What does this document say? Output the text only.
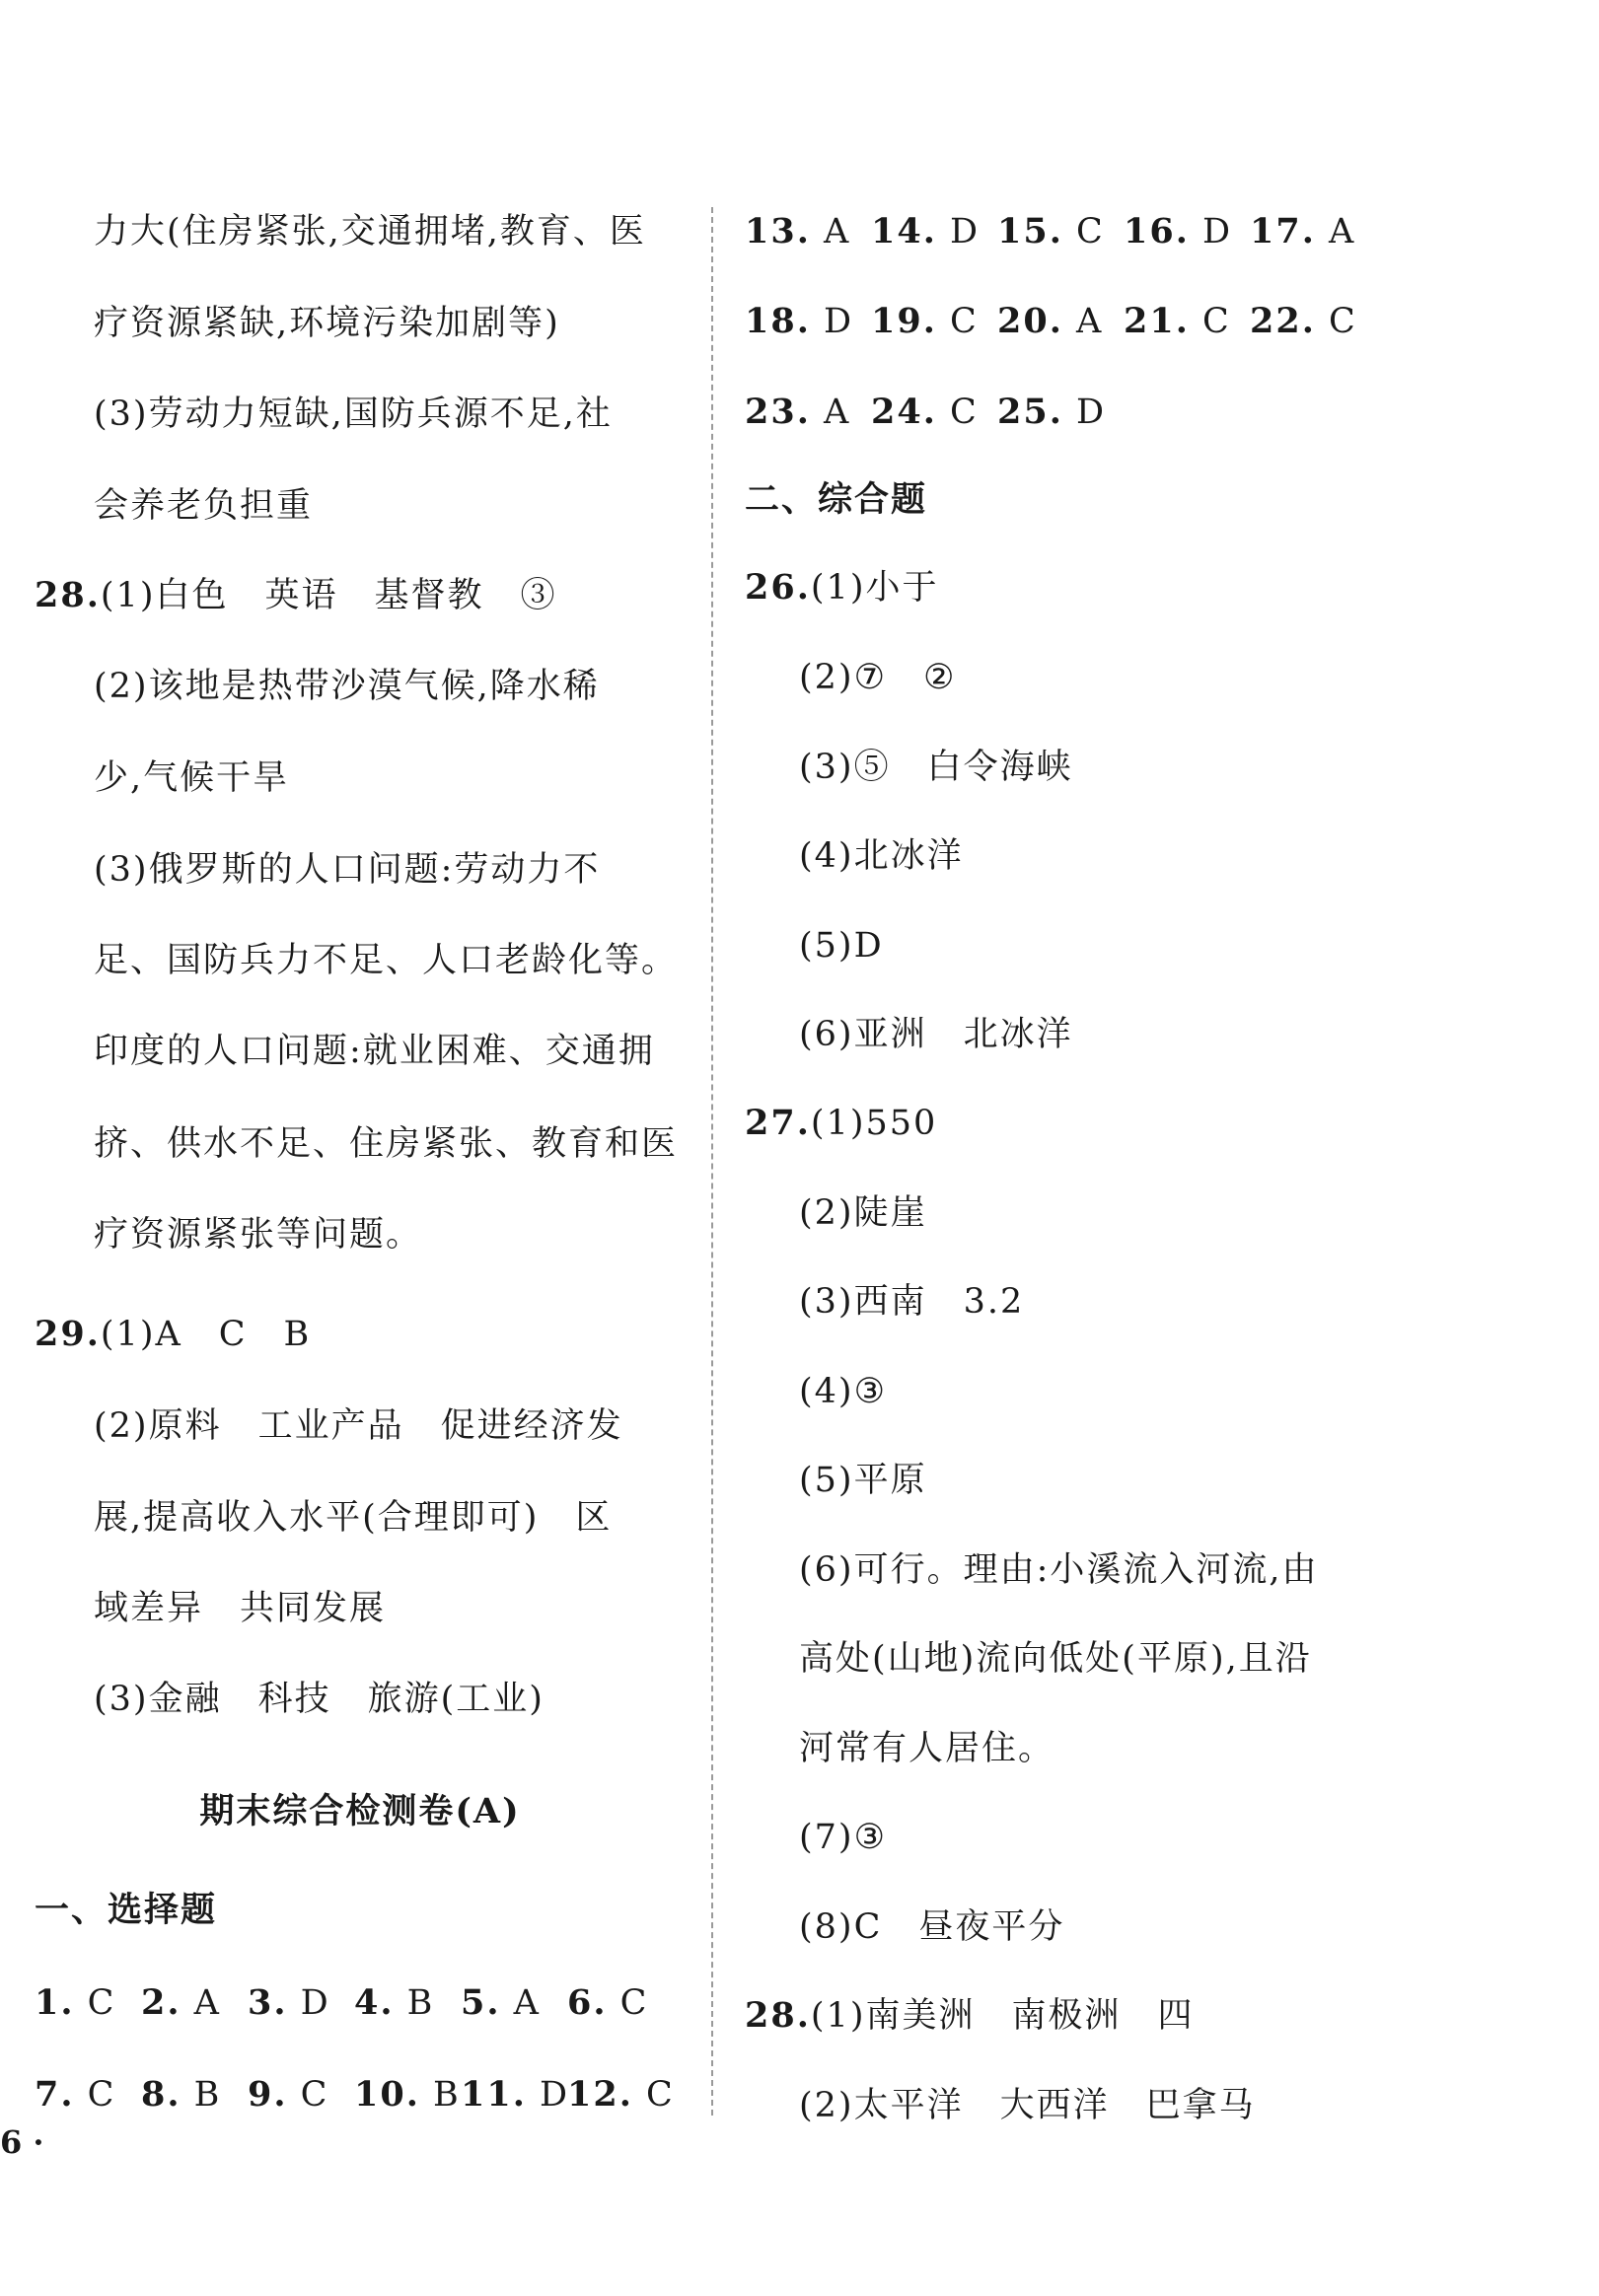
力大(住房紧张,交通拥堵,教育、医
疗资源紧缺,环境污染加剧等)
(3)劳动力短缺,国防兵源不足,社
会养老负担重
28.(1)白色　英语　基督教　③
(2)该地是热带沙漠气候,降水稀
少,气候干旱
(3)俄罗斯的人口问题:劳动力不
足、国防兵力不足、人口老龄化等。
印度的人口问题:就业困难、交通拥
挤、供水不足、住房紧张、教育和医
疗资源紧张等问题。
29.(1)A　C　B
(2)原料　工业产品　促进经济发
展,提高收入水平(合理即可)　区
域差异　共同发展
(3)金融　科技　旅游(工业)
期末综合检测卷(A)
一、选择题
1. C 2. A 3. D 4. B 5. A 6. C
7. C 8. B 9. C 10. B 11. D
12. C
13. A 14. D 15. C 16. D 17. A
18. D 19. C 20. A 21. C 22. C
23. A 24. C 25. D
二、综合题
26.(1)小于
(2)⑦　②
(3)⑤　白令海峡
(4)北冰洋
(5)D
(6)亚洲　北冰洋
27.(1)550
(2)陡崖
(3)西南　3.2
(4)③
(5)平原
(6)可行。理由:小溪流入河流,由
高处(山地)流向低处(平原),且沿
河常有人居住。
(7)③
(8)C　昼夜平分
28.(1)南美洲　南极洲　四
(2)太平洋　大西洋　巴拿马
6 ·
